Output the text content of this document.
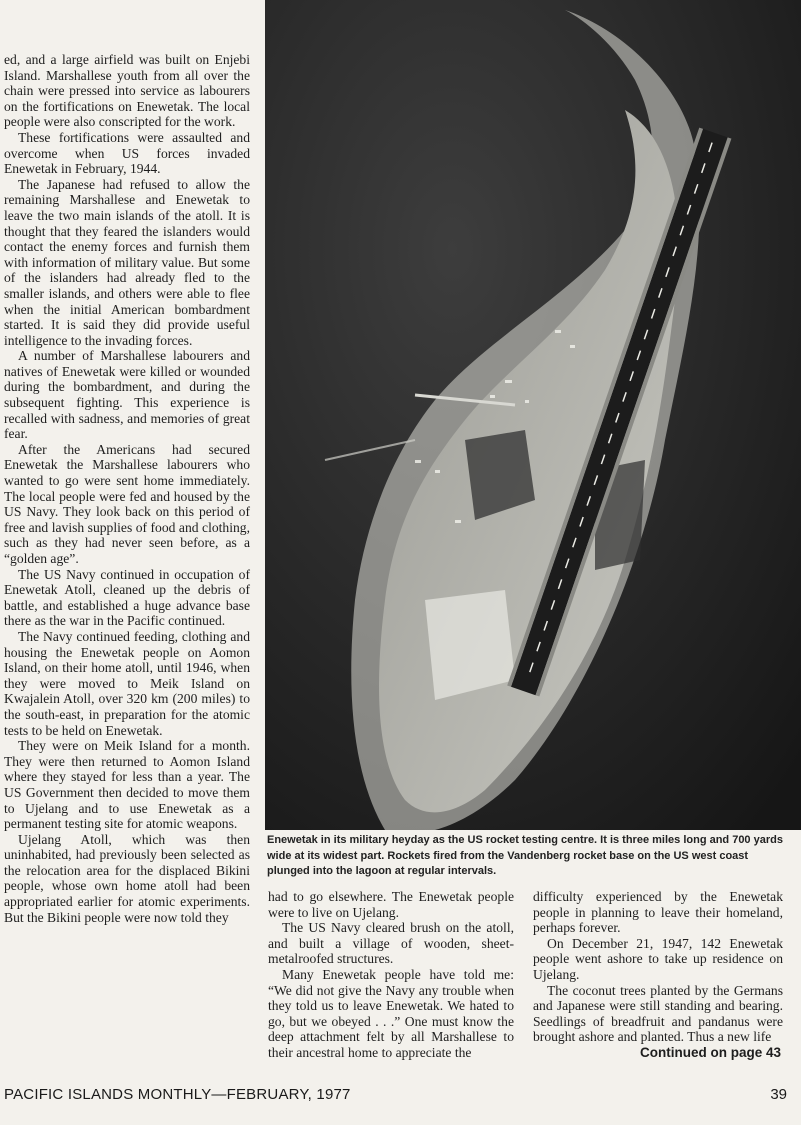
ed, and a large airfield was built on Enjebi Island. Marshallese youth from all over the chain were pressed into service as labourers on the fortifications on Enewetak. The local people were also conscripted for the work.

These fortifications were assaulted and overcome when US forces invaded Enewetak in February, 1944.

The Japanese had refused to allow the remaining Marshallese and Enewetak to leave the two main islands of the atoll. It is thought that they feared the islanders would contact the enemy forces and furnish them with information of military value. But some of the islanders had already fled to the smaller islands, and others were able to flee when the initial American bombardment started. It is said they did provide useful intelligence to the invading forces.

A number of Marshallese labourers and natives of Enewetak were killed or wounded during the bombardment, and during the subsequent fighting. This experience is recalled with sadness, and memories of great fear.

After the Americans had secured Enewetak the Marshallese labourers who wanted to go were sent home immediately. The local people were fed and housed by the US Navy. They look back on this period of free and lavish supplies of food and clothing, such as they had never seen before, as a “golden age”.

The US Navy continued in occupation of Enewetak Atoll, cleaned up the debris of battle, and established a huge advance base there as the war in the Pacific continued.

The Navy continued feeding, clothing and housing the Enewetak people on Aomon Island, on their home atoll, until 1946, when they were moved to Meik Island on Kwajalein Atoll, over 320 km (200 miles) to the south-east, in preparation for the atomic tests to be held on Enewetak.

They were on Meik Island for a month. They were then returned to Aomon Island where they stayed for less than a year. The US Government then decided to move them to Ujelang and to use Enewetak as a permanent testing site for atomic weapons.

Ujelang Atoll, which was then uninhabited, had previously been selected as the relocation area for the displaced Bikini people, whose own home atoll had been appropriated earlier for atomic experiments. But the Bikini people were now told they

Enewetak in its military heyday as the US rocket testing centre. It is three miles long and 700 yards wide at its widest part. Rockets fired from the Vandenberg rocket base on the US west coast plunged into the lagoon at regular intervals.

had to go elsewhere. The Enewetak people were to live on Ujelang.

The US Navy cleared brush on the atoll, and built a village of wooden, sheet-metalroofed structures.

Many Enewetak people have told me: “We did not give the Navy any trouble when they told us to leave Enewetak. We hated to go, but we obeyed . . .” One must know the deep attachment felt by all Marshallese to their ancestral home to appreciate the

difficulty experienced by the Enewetak people in planning to leave their homeland, perhaps forever.

On December 21, 1947, 142 Enewetak people went ashore to take up residence on Ujelang.

The coconut trees planted by the Germans and Japanese were still standing and bearing. Seedlings of breadfruit and pandanus were brought ashore and planted. Thus a new life

Continued on page 43
PACIFIC ISLANDS MONTHLY—FEBRUARY, 1977	39
